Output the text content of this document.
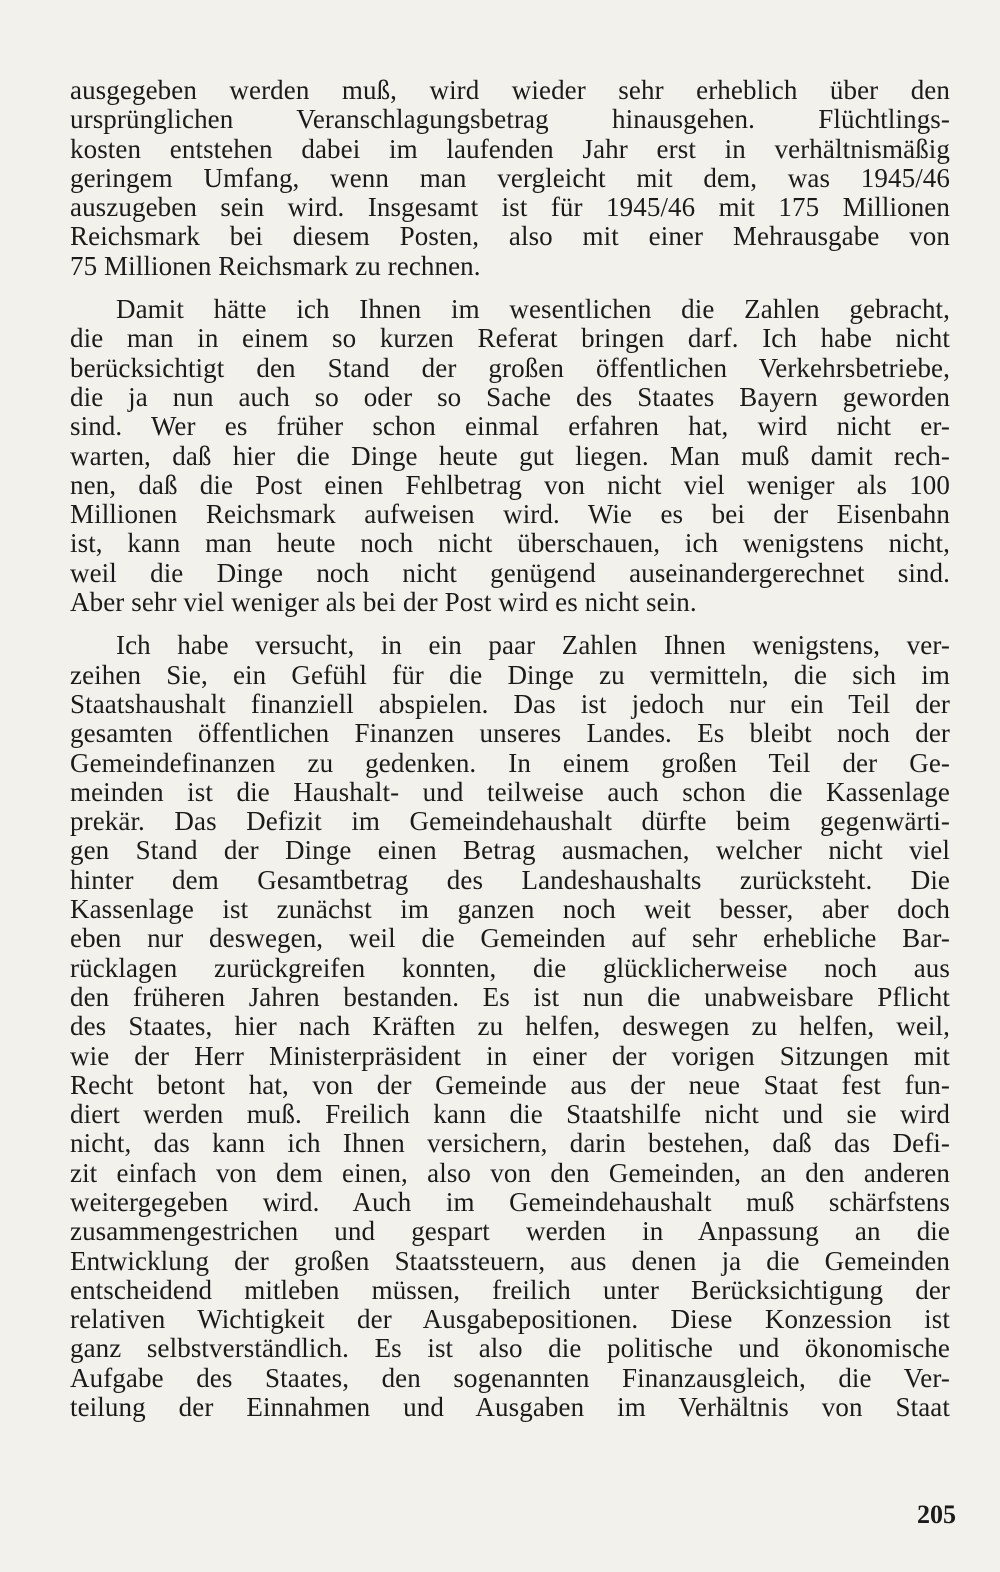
ausgegeben werden muß, wird wieder sehr erheblich über den
ursprünglichen Veranschlagungsbetrag hinausgehen. Flüchtlings-
kosten entstehen dabei im laufenden Jahr erst in verhältnismäßig
geringem Umfang, wenn man vergleicht mit dem, was 1945/46
auszugeben sein wird. Insgesamt ist für 1945/46 mit 175 Millionen
Reichsmark bei diesem Posten, also mit einer Mehrausgabe von
75 Millionen Reichsmark zu rechnen.

Damit hätte ich Ihnen im wesentlichen die Zahlen gebracht,
die man in einem so kurzen Referat bringen darf. Ich habe nicht
berücksichtigt den Stand der großen öffentlichen Verkehrsbetriebe,
die ja nun auch so oder so Sache des Staates Bayern geworden
sind. Wer es früher schon einmal erfahren hat, wird nicht er-
warten, daß hier die Dinge heute gut liegen. Man muß damit rech-
nen, daß die Post einen Fehlbetrag von nicht viel weniger als 100
Millionen Reichsmark aufweisen wird. Wie es bei der Eisenbahn
ist, kann man heute noch nicht überschauen, ich wenigstens nicht,
weil die Dinge noch nicht genügend auseinandergerechnet sind.
Aber sehr viel weniger als bei der Post wird es nicht sein.

Ich habe versucht, in ein paar Zahlen Ihnen wenigstens, ver-
zeihen Sie, ein Gefühl für die Dinge zu vermitteln, die sich im
Staatshaushalt finanziell abspielen. Das ist jedoch nur ein Teil der
gesamten öffentlichen Finanzen unseres Landes. Es bleibt noch der
Gemeindefinanzen zu gedenken. In einem großen Teil der Ge-
meinden ist die Haushalt- und teilweise auch schon die Kassenlage
prekär. Das Defizit im Gemeindehaushalt dürfte beim gegenwärti-
gen Stand der Dinge einen Betrag ausmachen, welcher nicht viel
hinter dem Gesamtbetrag des Landeshaushalts zurücksteht. Die
Kassenlage ist zunächst im ganzen noch weit besser, aber doch
eben nur deswegen, weil die Gemeinden auf sehr erhebliche Bar-
rücklagen zurückgreifen konnten, die glücklicherweise noch aus
den früheren Jahren bestanden. Es ist nun die unabweisbare Pflicht
des Staates, hier nach Kräften zu helfen, deswegen zu helfen, weil,
wie der Herr Ministerpräsident in einer der vorigen Sitzungen mit
Recht betont hat, von der Gemeinde aus der neue Staat fest fun-
diert werden muß. Freilich kann die Staatshilfe nicht und sie wird
nicht, das kann ich Ihnen versichern, darin bestehen, daß das Defi-
zit einfach von dem einen, also von den Gemeinden, an den anderen
weitergegeben wird. Auch im Gemeindehaushalt muß schärfstens
zusammengestrichen und gespart werden in Anpassung an die
Entwicklung der großen Staatssteuern, aus denen ja die Gemeinden
entscheidend mitleben müssen, freilich unter Berücksichtigung der
relativen Wichtigkeit der Ausgabepositionen. Diese Konzession ist
ganz selbstverständlich. Es ist also die politische und ökonomische
Aufgabe des Staates, den sogenannten Finanzausgleich, die Ver-
teilung der Einnahmen und Ausgaben im Verhältnis von Staat

205
